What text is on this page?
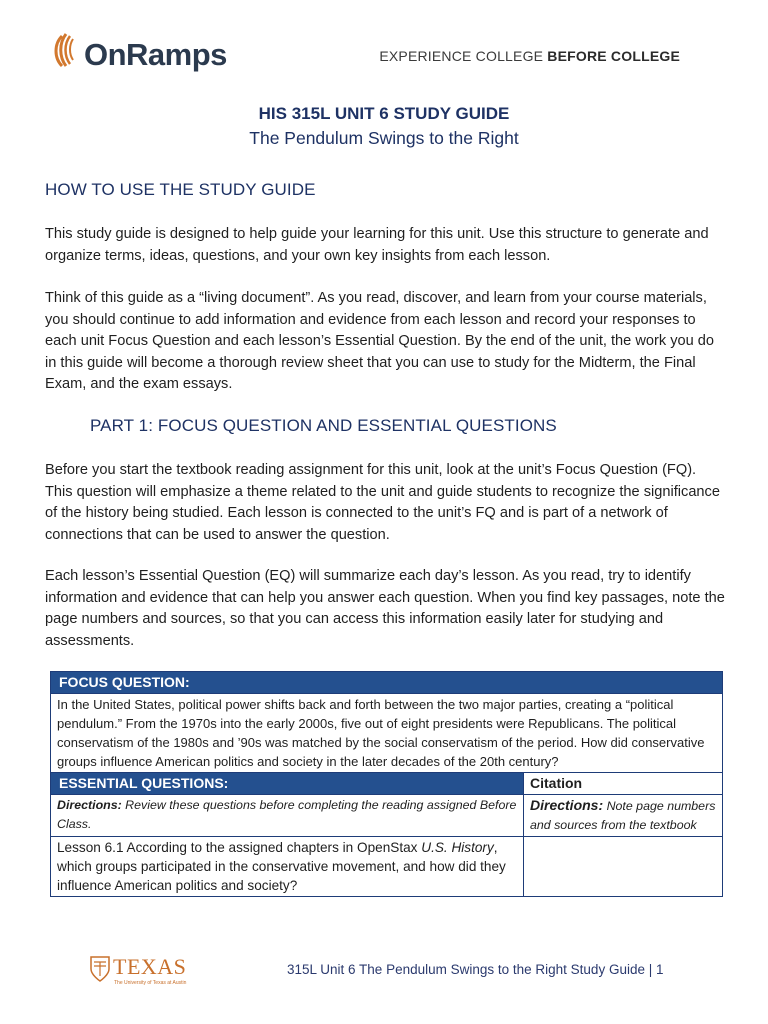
OnRamps	EXPERIENCE COLLEGE BEFORE COLLEGE
HIS 315L UNIT 6 STUDY GUIDE
The Pendulum Swings to the Right
HOW TO USE THE STUDY GUIDE
This study guide is designed to help guide your learning for this unit. Use this structure to generate and organize terms, ideas, questions, and your own key insights from each lesson.
Think of this guide as a “living document”. As you read, discover, and learn from your course materials, you should continue to add information and evidence from each lesson and record your responses to each unit Focus Question and each lesson’s Essential Question. By the end of the unit, the work you do in this guide will become a thorough review sheet that you can use to study for the Midterm, the Final Exam, and the exam essays.
PART 1: FOCUS QUESTION AND ESSENTIAL QUESTIONS
Before you start the textbook reading assignment for this unit, look at the unit’s Focus Question (FQ). This question will emphasize a theme related to the unit and guide students to recognize the significance of the history being studied. Each lesson is connected to the unit’s FQ and is part of a network of connections that can be used to answer the question.
Each lesson’s Essential Question (EQ) will summarize each day’s lesson. As you read, try to identify information and evidence that can help you answer each question. When you find key passages, note the page numbers and sources, so that you can access this information easily later for studying and assessments.
FOCUS QUESTION:	
In the United States, political power shifts back and forth between the two major parties, creating a “political pendulum.” From the 1970s into the early 2000s, five out of eight presidents were Republicans. The political conservatism of the 1980s and ’90s was matched by the social conservatism of the period. How did conservative groups influence American politics and society in the later decades of the 20th century?	
ESSENTIAL QUESTIONS:	Citation
Directions: Review these questions before completing the reading assigned Before Class.	Directions: Note page numbers and sources from the textbook
Lesson 6.1 According to the assigned chapters in OpenStax U.S. History, which groups participated in the conservative movement, and how did they influence American politics and society?	
TEXAS
The University of Texas at Austin
315L Unit 6 The Pendulum Swings to the Right Study Guide | 1
